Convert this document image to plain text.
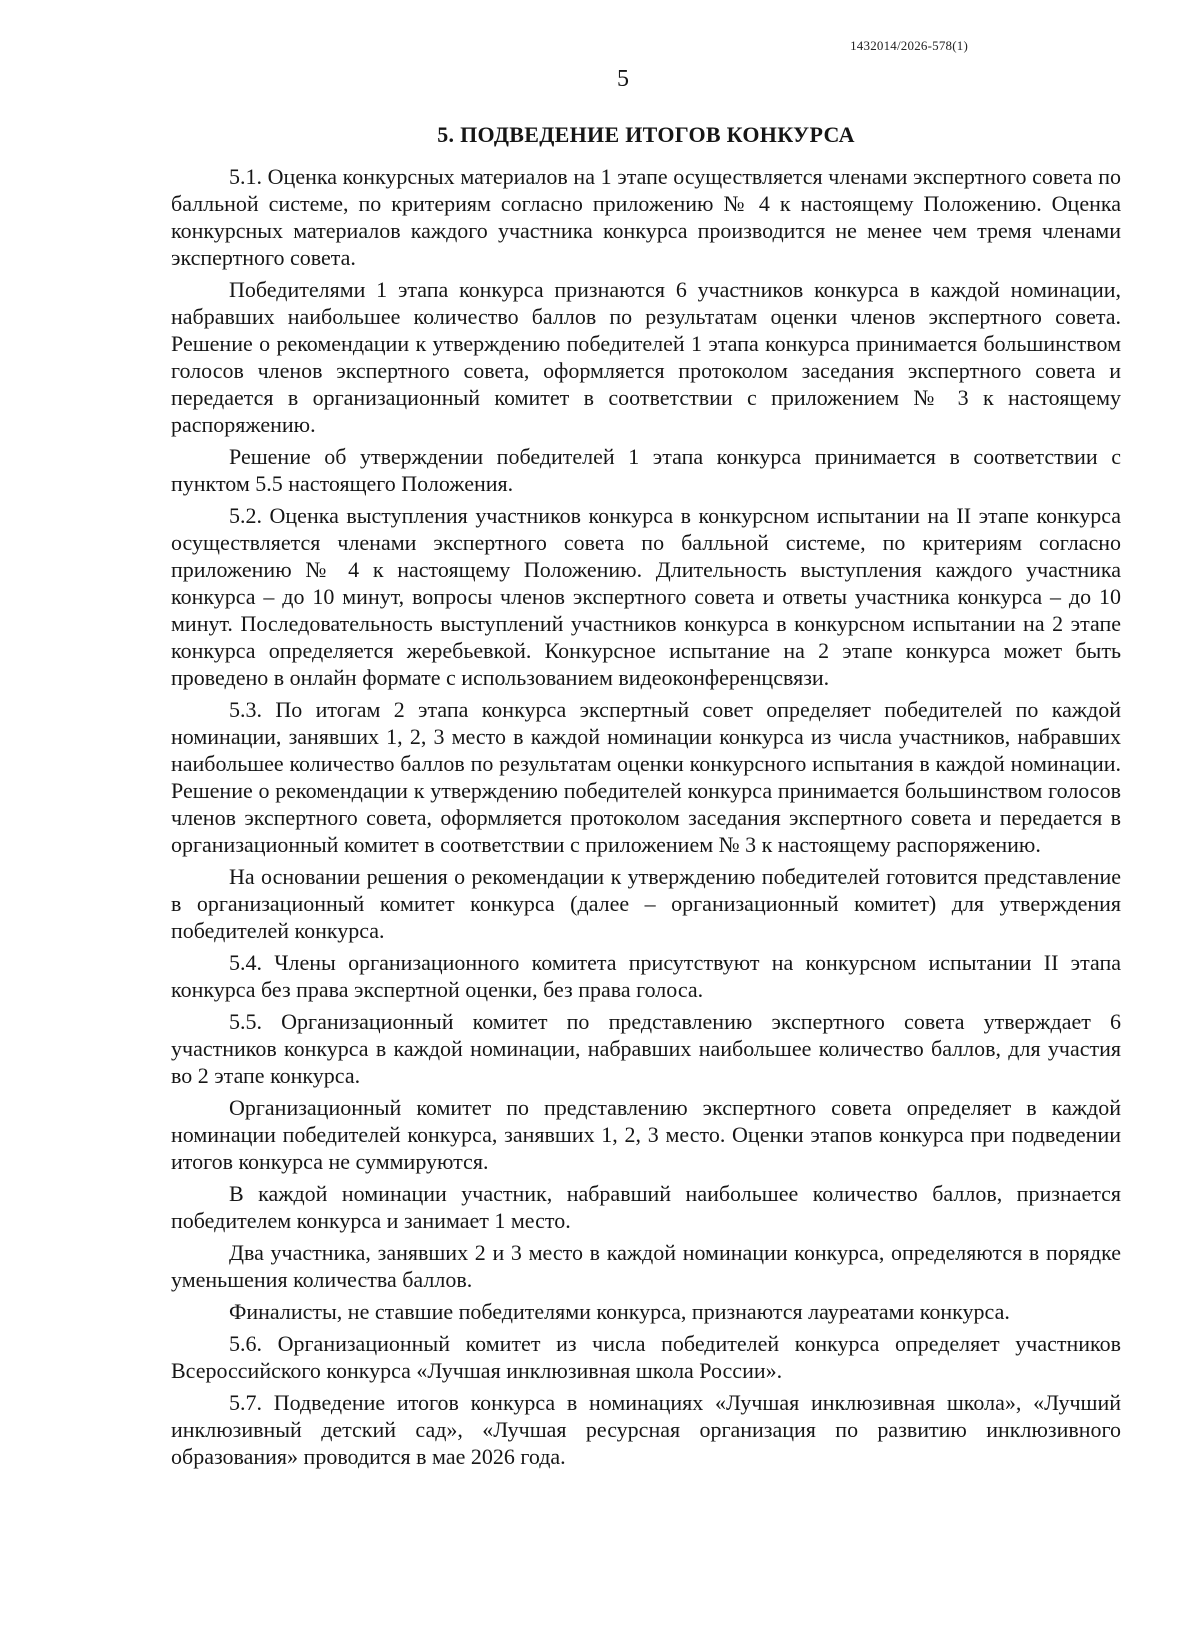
1432014/2026-578(1)
5
5. ПОДВЕДЕНИЕ ИТОГОВ КОНКУРСА

5.1. Оценка конкурсных материалов на 1 этапе осуществляется членами экспертного совета по балльной системе, по критериям согласно приложению № 4 к настоящему Положению. Оценка конкурсных материалов каждого участника конкурса производится не менее чем тремя членами экспертного совета.

Победителями 1 этапа конкурса признаются 6 участников конкурса в каждой номинации, набравших наибольшее количество баллов по результатам оценки членов экспертного совета. Решение о рекомендации к утверждению победителей 1 этапа конкурса принимается большинством голосов членов экспертного совета, оформляется протоколом заседания экспертного совета и передается в организационный комитет в соответствии с приложением № 3 к настоящему распоряжению.

Решение об утверждении победителей 1 этапа конкурса принимается в соответствии с пунктом 5.5 настоящего Положения.

5.2. Оценка выступления участников конкурса в конкурсном испытании на II этапе конкурса осуществляется членами экспертного совета по балльной системе, по критериям согласно приложению № 4 к настоящему Положению. Длительность выступления каждого участника конкурса – до 10 минут, вопросы членов экспертного совета и ответы участника конкурса – до 10 минут. Последовательность выступлений участников конкурса в конкурсном испытании на 2 этапе конкурса определяется жеребьевкой. Конкурсное испытание на 2 этапе конкурса может быть проведено в онлайн формате с использованием видеоконференцсвязи.

5.3. По итогам 2 этапа конкурса экспертный совет определяет победителей по каждой номинации, занявших 1, 2, 3 место в каждой номинации конкурса из числа участников, набравших наибольшее количество баллов по результатам оценки конкурсного испытания в каждой номинации. Решение о рекомендации к утверждению победителей конкурса принимается большинством голосов членов экспертного совета, оформляется протоколом заседания экспертного совета и передается в организационный комитет в соответствии с приложением № 3 к настоящему распоряжению.

На основании решения о рекомендации к утверждению победителей готовится представление в организационный комитет конкурса (далее – организационный комитет) для утверждения победителей конкурса.

5.4. Члены организационного комитета присутствуют на конкурсном испытании II этапа конкурса без права экспертной оценки, без права голоса.

5.5. Организационный комитет по представлению экспертного совета утверждает 6 участников конкурса в каждой номинации, набравших наибольшее количество баллов, для участия во 2 этапе конкурса.

Организационный комитет по представлению экспертного совета определяет в каждой номинации победителей конкурса, занявших 1, 2, 3 место. Оценки этапов конкурса при подведении итогов конкурса не суммируются.

В каждой номинации участник, набравший наибольшее количество баллов, признается победителем конкурса и занимает 1 место.

Два участника, занявших 2 и 3 место в каждой номинации конкурса, определяются в порядке уменьшения количества баллов.

Финалисты, не ставшие победителями конкурса, признаются лауреатами конкурса.

5.6. Организационный комитет из числа победителей конкурса определяет участников Всероссийского конкурса «Лучшая инклюзивная школа России».

5.7. Подведение итогов конкурса в номинациях «Лучшая инклюзивная школа», «Лучший инклюзивный детский сад», «Лучшая ресурсная организация по развитию инклюзивного образования» проводится в мае 2026 года.
